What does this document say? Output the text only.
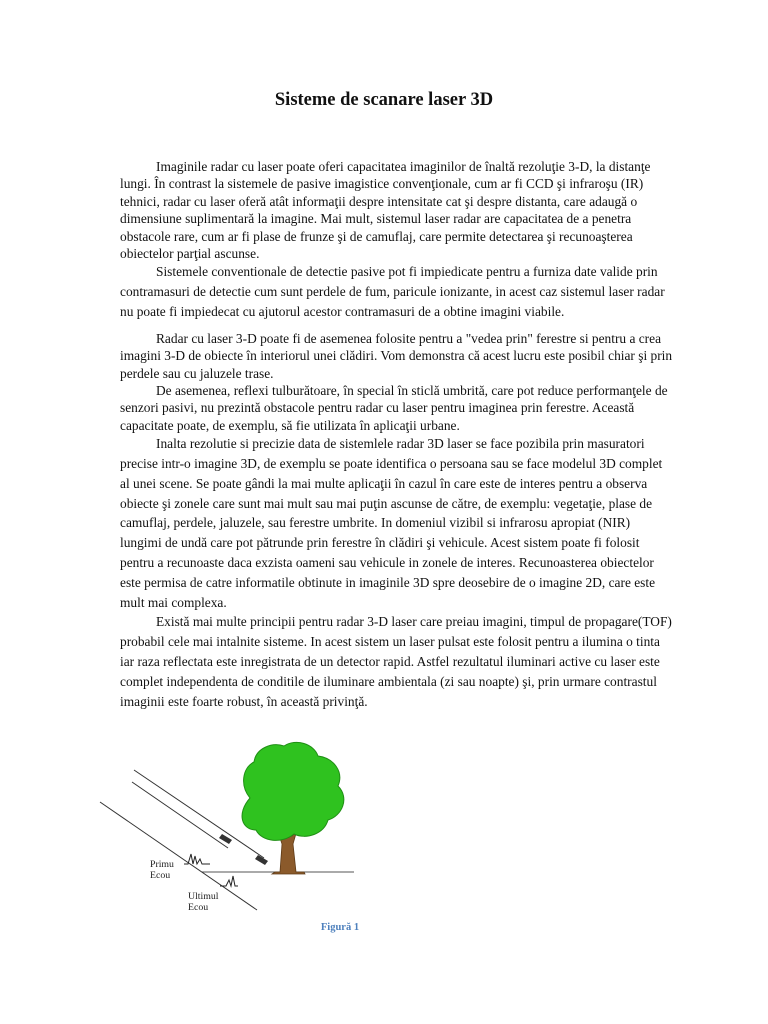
Sisteme de scanare laser 3D

Imaginile radar cu laser poate oferi capacitatea imaginilor de înaltă rezoluţie 3-D, la distanţe lungi. În contrast la sistemele de pasive imagistice convenţionale, cum ar fi CCD şi infraroşu (IR) tehnici, radar cu laser oferă atât informaţii despre intensitate cat şi despre distanta, care adaugă o dimensiune suplimentară la imagine. Mai mult, sistemul laser radar are capacitatea de a penetra obstacole rare, cum ar fi plase de frunze şi de camuflaj, care permite detectarea şi recunoaşterea obiectelor parţial ascunse.

Sistemele conventionale de detectie pasive pot fi impiedicate pentru a furniza date valide prin contramasuri de detectie cum sunt perdele de fum, paricule ionizante, in acest caz sistemul laser radar nu poate fi impiedecat cu ajutorul acestor contramasuri de a obtine imagini viabile.

Radar cu laser 3-D poate fi de asemenea folosite pentru a "vedea prin" ferestre si pentru a crea imagini 3-D de obiecte în interiorul unei clădiri. Vom demonstra că acest lucru este posibil chiar şi prin perdele sau cu jaluzele trase.

De asemenea, reflexi tulburătoare, în special în sticlă umbrită, care pot reduce performanţele de senzori pasivi, nu prezintă obstacole pentru radar cu laser pentru imaginea prin ferestre. Această capacitate poate, de exemplu, să fie utilizata în aplicaţii urbane.

Inalta rezolutie si precizie data de sistemlele radar 3D laser se face pozibila prin masuratori precise intr-o imagine 3D, de exemplu se poate identifica o persoana sau se face modelul 3D complet al unei scene. Se poate gândi la mai multe aplicaţii în cazul în care este de interes pentru a observa obiecte şi zonele care sunt mai mult sau mai puţin ascunse de către, de exemplu: vegetaţie, plase de camuflaj, perdele, jaluzele, sau ferestre umbrite. In domeniul vizibil si infrarosu apropiat (NIR) lungimi de undă care pot pătrunde prin ferestre în clădiri şi vehicule. Acest sistem poate fi folosit pentru a recunoaste daca exzista oameni sau vehicule in zonele de interes. Recunoasterea obiectelor este permisa de catre informatile obtinute in imaginile 3D spre deosebire de o imagine 2D, care este mult mai complexa.

Există mai multe principii pentru radar 3-D laser care preiau imagini, timpul de propagare(TOF) probabil cele mai intalnite sisteme. In acest sistem un laser pulsat este folosit pentru a ilumina o tinta iar raza reflectata este inregistrata de un detector rapid. Astfel rezultatul iluminari active cu laser este complet independenta de conditile de iluminare ambientala (zi sau noapte) şi, prin urmare contrastul imaginii este foarte robust, în această privinţă.

Primu Ecou
Ultimul Ecou
Figură 1
